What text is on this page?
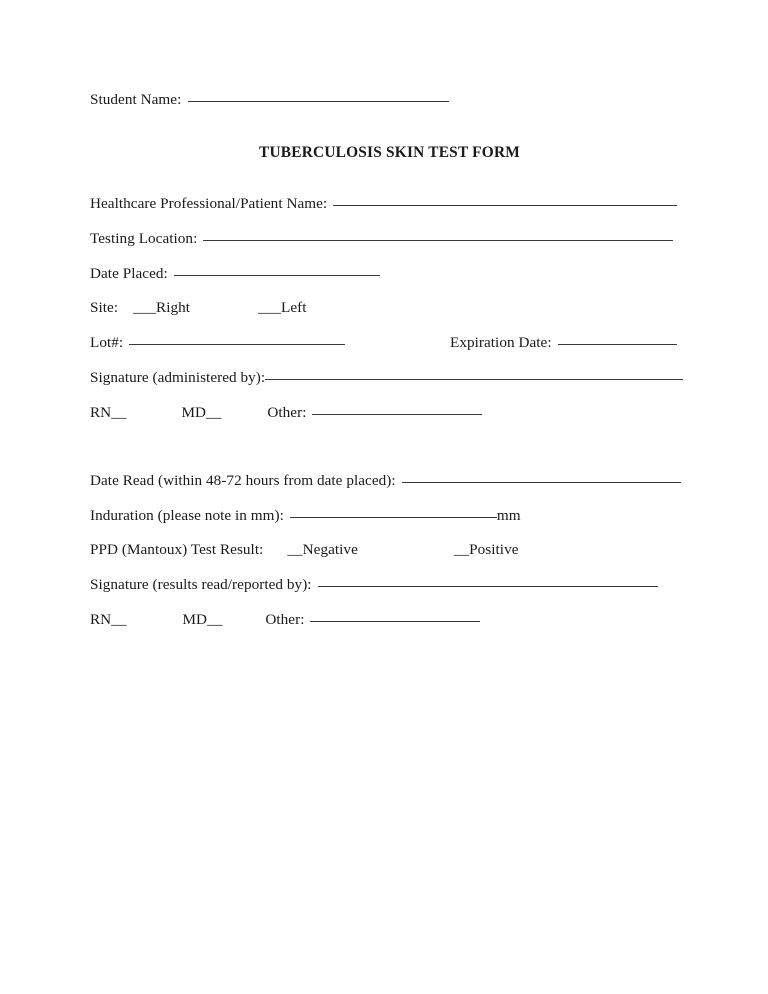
Student Name:
TUBERCULOSIS SKIN TEST FORM
Healthcare Professional/Patient Name:
Testing Location:
Date Placed:
Site: ___Right	___Left
Lot#:	Expiration Date:
Signature (administered by):
RN__	MD__	Other:
Date Read (within 48-72 hours from date placed):
Induration (please note in mm):	mm
PPD (Mantoux) Test Result: __Negative	__Positive
Signature (results read/reported by):
RN__	MD__	Other:
